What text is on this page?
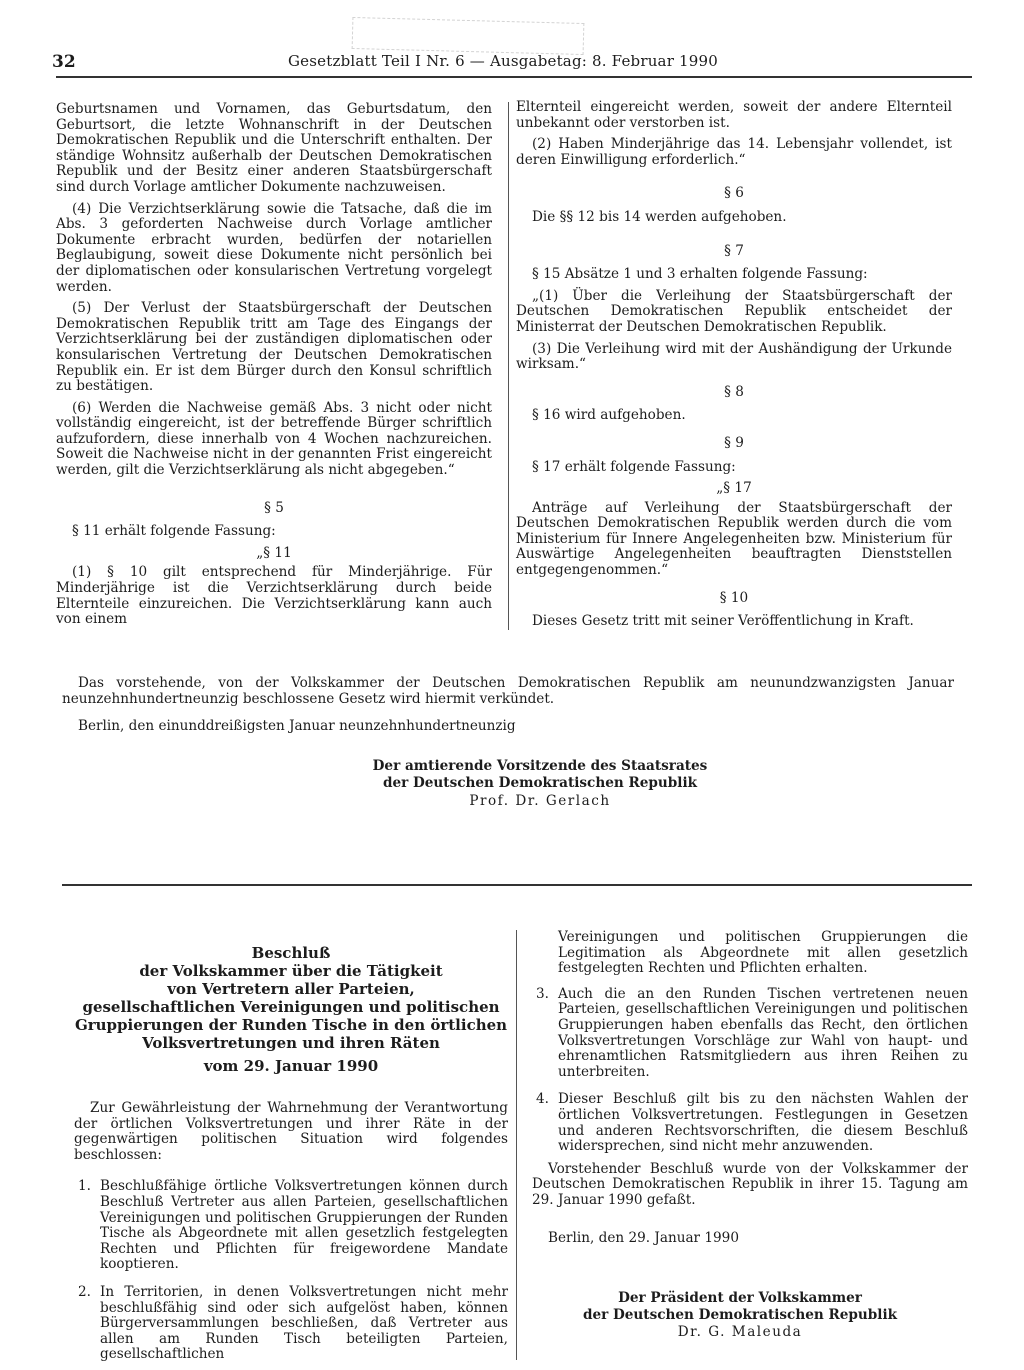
32	Gesetzblatt Teil I Nr. 6 — Ausgabetag: 8. Februar 1990

Geburtsnamen und Vornamen, das Geburtsdatum, den Geburtsort, die letzte Wohnanschrift in der Deutschen Demokratischen Republik und die Unterschrift enthalten. Der ständige Wohnsitz außerhalb der Deutschen Demokratischen Republik und der Besitz einer anderen Staatsbürgerschaft sind durch Vorlage amtlicher Dokumente nachzuweisen.

(4) Die Verzichtserklärung sowie die Tatsache, daß die im Abs. 3 geforderten Nachweise durch Vorlage amtlicher Dokumente erbracht wurden, bedürfen der notariellen Beglaubigung, soweit diese Dokumente nicht persönlich bei der diplomatischen oder konsularischen Vertretung vorgelegt werden.

(5) Der Verlust der Staatsbürgerschaft der Deutschen Demokratischen Republik tritt am Tage des Eingangs der Verzichtserklärung bei der zuständigen diplomatischen oder konsularischen Vertretung der Deutschen Demokratischen Republik ein. Er ist dem Bürger durch den Konsul schriftlich zu bestätigen.

(6) Werden die Nachweise gemäß Abs. 3 nicht oder nicht vollständig eingereicht, ist der betreffende Bürger schriftlich aufzufordern, diese innerhalb von 4 Wochen nachzureichen. Soweit die Nachweise nicht in der genannten Frist eingereicht werden, gilt die Verzichtserklärung als nicht abgegeben.“

§ 5

§ 11 erhält folgende Fassung:

„§ 11

(1) § 10 gilt entsprechend für Minderjährige. Für Minderjährige ist die Verzichtserklärung durch beide Elternteile einzureichen. Die Verzichtserklärung kann auch von einem

Elternteil eingereicht werden, soweit der andere Elternteil unbekannt oder verstorben ist.

(2) Haben Minderjährige das 14. Lebensjahr vollendet, ist deren Einwilligung erforderlich.“

§ 6

Die §§ 12 bis 14 werden aufgehoben.

§ 7

§ 15 Absätze 1 und 3 erhalten folgende Fassung:

„(1) Über die Verleihung der Staatsbürgerschaft der Deutschen Demokratischen Republik entscheidet der Ministerrat der Deutschen Demokratischen Republik.

(3) Die Verleihung wird mit der Aushändigung der Urkunde wirksam.“

§ 8

§ 16 wird aufgehoben.

§ 9

§ 17 erhält folgende Fassung:

„§ 17

Anträge auf Verleihung der Staatsbürgerschaft der Deutschen Demokratischen Republik werden durch die vom Ministerium für Innere Angelegenheiten bzw. Ministerium für Auswärtige Angelegenheiten beauftragten Dienststellen entgegengenommen.“

§ 10

Dieses Gesetz tritt mit seiner Veröffentlichung in Kraft.

Das vorstehende, von der Volkskammer der Deutschen Demokratischen Republik am neunundzwanzigsten Januar neunzehnhundertneunzig beschlossene Gesetz wird hiermit verkündet.

Berlin, den einunddreißigsten Januar neunzehnhundertneunzig

Der amtierende Vorsitzende des Staatsrates
der Deutschen Demokratischen Republik
Prof. Dr. Gerlach
Beschluß
der Volkskammer über die Tätigkeit
von Vertretern aller Parteien,
gesellschaftlichen Vereinigungen und politischen
Gruppierungen der Runden Tische in den örtlichen
Volksvertretungen und ihren Räten
vom 29. Januar 1990

Zur Gewährleistung der Wahrnehmung der Verantwortung der örtlichen Volksvertretungen und ihrer Räte in der gegenwärtigen politischen Situation wird folgendes beschlossen:

1. Beschlußfähige örtliche Volksvertretungen können durch Beschluß Vertreter aus allen Parteien, gesellschaftlichen Vereinigungen und politischen Gruppierungen der Runden Tische als Abgeordnete mit allen gesetzlich festgelegten Rechten und Pflichten für freigewordene Mandate kooptieren.
2. In Territorien, in denen Volksvertretungen nicht mehr beschlußfähig sind oder sich aufgelöst haben, können Bürgerversammlungen beschließen, daß Vertreter aus allen am Runden Tisch beteiligten Parteien, gesellschaftlichen

Vereinigungen und politischen Gruppierungen die Legitimation als Abgeordnete mit allen gesetzlich festgelegten Rechten und Pflichten erhalten.

3. Auch die an den Runden Tischen vertretenen neuen Parteien, gesellschaftlichen Vereinigungen und politischen Gruppierungen haben ebenfalls das Recht, den örtlichen Volksvertretungen Vorschläge zur Wahl von haupt- und ehrenamtlichen Ratsmitgliedern aus ihren Reihen zu unterbreiten.
4. Dieser Beschluß gilt bis zu den nächsten Wahlen der örtlichen Volksvertretungen. Festlegungen in Gesetzen und anderen Rechtsvorschriften, die diesem Beschluß widersprechen, sind nicht mehr anzuwenden.

Vorstehender Beschluß wurde von der Volkskammer der Deutschen Demokratischen Republik in ihrer 15. Tagung am 29. Januar 1990 gefaßt.

Berlin, den 29. Januar 1990

Der Präsident der Volkskammer
der Deutschen Demokratischen Republik
Dr. G. Maleuda
